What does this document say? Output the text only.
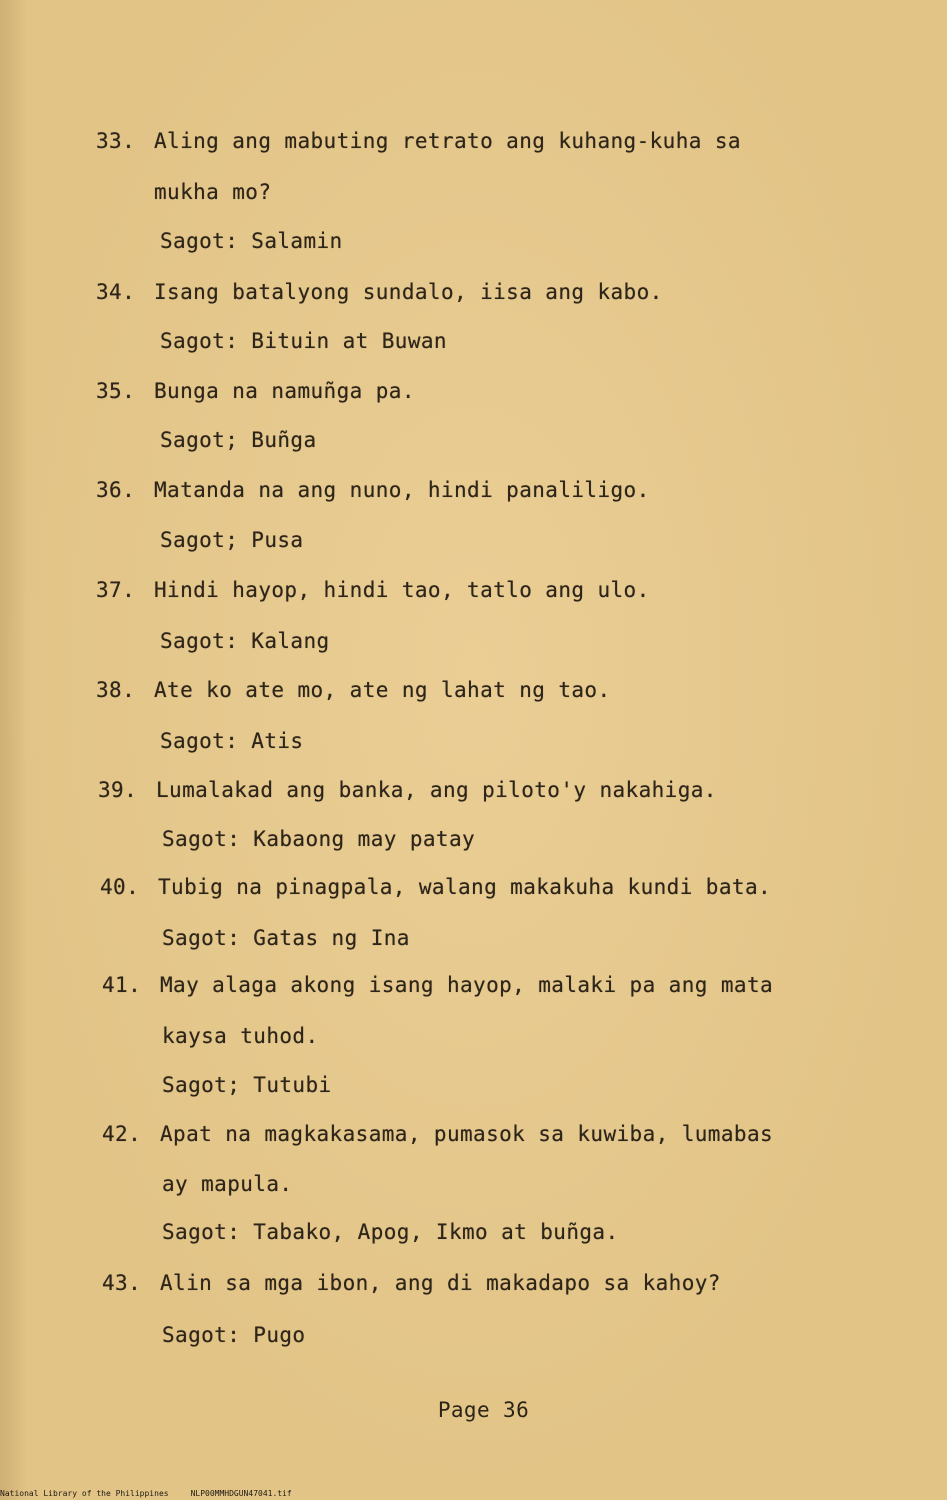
33. Aling ang mabuting retrato ang kuhang-kuha sa
mukha mo?
Sagot: Salamin
34. Isang batalyong sundalo, iisa ang kabo.
Sagot: Bituin at Buwan
35. Bunga na namuñga pa.
Sagot; Buñga
36. Matanda na ang nuno, hindi panaliligo.
Sagot; Pusa
37. Hindi hayop, hindi tao, tatlo ang ulo.
Sagot: Kalang
38. Ate ko ate mo, ate ng lahat ng tao.
Sagot: Atis
39. Lumalakad ang banka, ang piloto'y nakahiga.
Sagot: Kabaong may patay
40. Tubig na pinagpala, walang makakuha kundi bata.
Sagot: Gatas ng Ina
41. May alaga akong isang hayop, malaki pa ang mata
kaysa tuhod.
Sagot; Tutubi
42. Apat na magkakasama, pumasok sa kuwiba, lumabas
ay mapula.
Sagot: Tabako, Apog, Ikmo at buñga.
43. Alin sa mga ibon, ang di makadapo sa kahoy?
Sagot: Pugo
Page 36
National Library of the Philippines	NLP00MMHDGUN47041.tif
